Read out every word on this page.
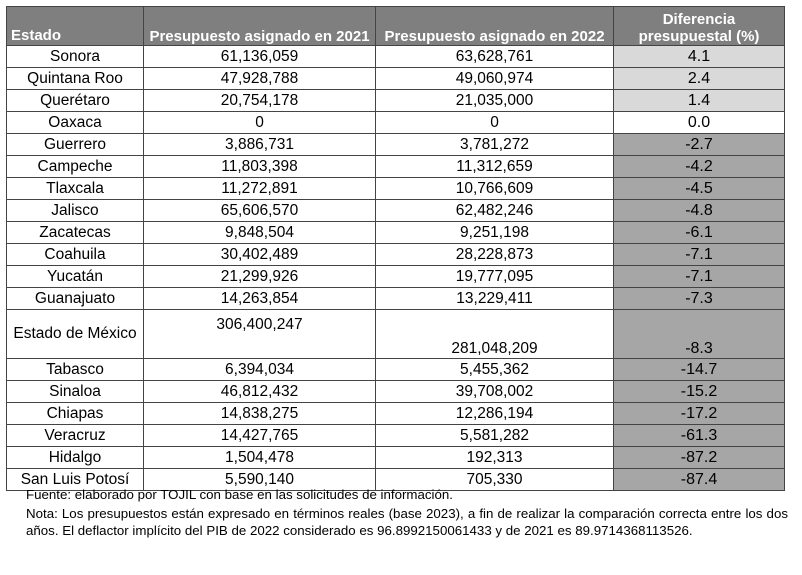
Estado	Presupuesto asignado en 2021	Presupuesto asignado en 2022	Diferencia presupuestal (%)
Sonora	61,136,059	63,628,761	4.1
Quintana Roo	47,928,788	49,060,974	2.4
Querétaro	20,754,178	21,035,000	1.4
Oaxaca	0	0	0.0
Guerrero	3,886,731	3,781,272	-2.7
Campeche	11,803,398	11,312,659	-4.2
Tlaxcala	11,272,891	10,766,609	-4.5
Jalisco	65,606,570	62,482,246	-4.8
Zacatecas	9,848,504	9,251,198	-6.1
Coahuila	30,402,489	28,228,873	-7.1
Yucatán	21,299,926	19,777,095	-7.1
Guanajuato	14,263,854	13,229,411	-7.3
Estado de México	306,400,247	281,048,209	-8.3
Tabasco	6,394,034	5,455,362	-14.7
Sinaloa	46,812,432	39,708,002	-15.2
Chiapas	14,838,275	12,286,194	-17.2
Veracruz	14,427,765	5,581,282	-61.3
Hidalgo	1,504,478	192,313	-87.2
San Luis Potosí	5,590,140	705,330	-87.4

Fuente: elaborado por TOJIL con base en las solicitudes de información.

Nota: Los presupuestos están expresado en términos reales (base 2023), a fin de realizar la comparación correcta entre los dos años. El deflactor implícito del PIB de 2022 considerado es 96.8992150061433 y de 2021 es 89.9714368113526.
